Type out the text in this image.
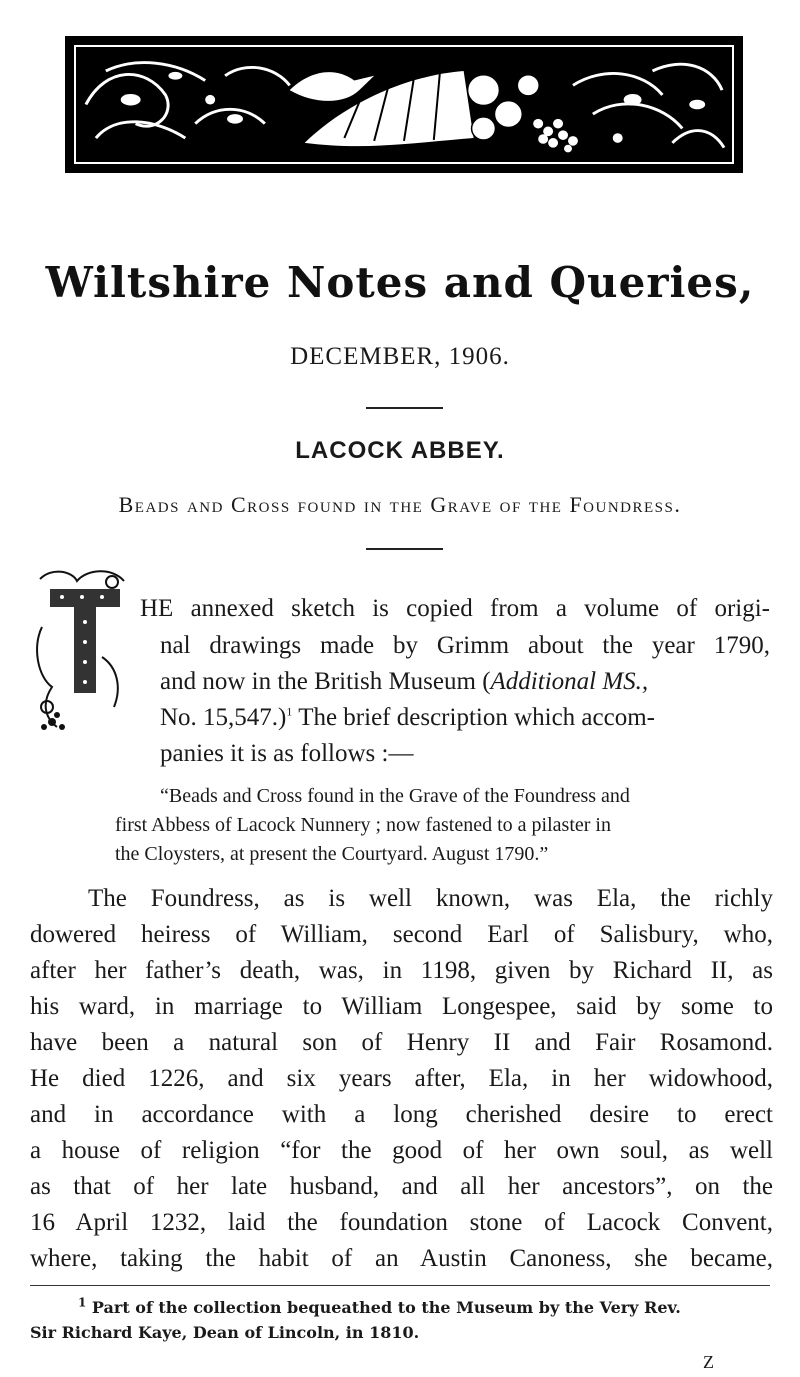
Wiltshire Notes and Queries,
DECEMBER, 1906.
LACOCK ABBEY.
Beads and Cross found in the Grave of the Foundress.
HE annexed sketch is copied from a volume of origi-
nal drawings made by Grimm about the year 1790,
and now in the British Museum (Additional MS.,
No. 15,547.)$^1$ The brief description which accom-
panies it is as follows :—
“Beads and Cross found in the Grave of the Foundress and
first Abbess of Lacock Nunnery ; now fastened to a pilaster in
the Cloysters, at present the Courtyard. August 1790.”
The Foundress, as is well known, was Ela, the richly
dowered heiress of William, second Earl of Salisbury, who,
after her father’s death, was, in 1198, given by Richard II, as
his ward, in marriage to William Longespee, said by some to
have been a natural son of Henry II and Fair Rosamond.
He died 1226, and six years after, Ela, in her widowhood,
and in accordance with a long cherished desire to erect
a house of religion “for the good of her own soul, as well
as that of her late husband, and all her ancestors”, on the
16 April 1232, laid the foundation stone of Lacock Convent,
where, taking the habit of an Austin Canoness, she became,
$^1$ Part of the collection bequeathed to the Museum by the Very Rev.
Sir Richard Kaye, Dean of Lincoln, in 1810.
Z
